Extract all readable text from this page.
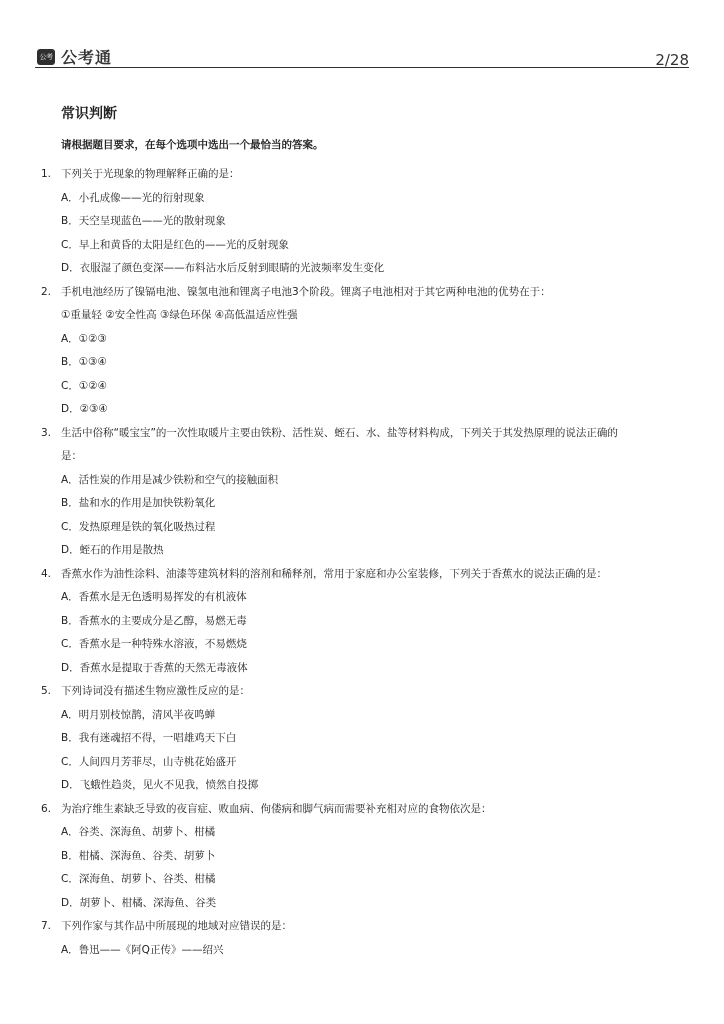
公考通
公考通	2/28
常识判断
请根据题目要求，在每个选项中选出一个最恰当的答案。
1. 下列关于光现象的物理解释正确的是：
A．小孔成像——光的衍射现象
B．天空呈现蓝色——光的散射现象
C．早上和黄昏的太阳是红色的——光的反射现象
D．衣服湿了颜色变深——布料沾水后反射到眼睛的光波频率发生变化
2. 手机电池经历了镍镉电池、镍氢电池和锂离子电池3个阶段。锂离子电池相对于其它两种电池的优势在于：
①重量轻 ②安全性高 ③绿色环保 ④高低温适应性强
A．①②③
B．①③④
C．①②④
D．②③④
3. 生活中俗称“暖宝宝”的一次性取暖片主要由铁粉、活性炭、蛭石、水、盐等材料构成，下列关于其发热原理的说法正确的
是：
A．活性炭的作用是减少铁粉和空气的接触面积
B．盐和水的作用是加快铁粉氧化
C．发热原理是铁的氧化吸热过程
D．蛭石的作用是散热
4. 香蕉水作为油性涂料、油漆等建筑材料的溶剂和稀释剂，常用于家庭和办公室装修，下列关于香蕉水的说法正确的是：
A．香蕉水是无色透明易挥发的有机液体
B．香蕉水的主要成分是乙醇，易燃无毒
C．香蕉水是一种特殊水溶液，不易燃烧
D．香蕉水是提取于香蕉的天然无毒液体
5. 下列诗词没有描述生物应激性反应的是：
A．明月别枝惊鹊，清风半夜鸣蝉
B．我有迷魂招不得，一唱雄鸡天下白
C．人间四月芳菲尽，山寺桃花始盛开
D．飞蛾性趋炎，见火不见我，愤然自投掷
6. 为治疗维生素缺乏导致的夜盲症、败血病、佝偻病和脚气病而需要补充相对应的食物依次是：
A．谷类、深海鱼、胡萝卜、柑橘
B．柑橘、深海鱼、谷类、胡萝卜
C．深海鱼、胡萝卜、谷类、柑橘
D．胡萝卜、柑橘、深海鱼、谷类
7. 下列作家与其作品中所展现的地域对应错误的是：
A．鲁迅——《阿Q正传》——绍兴
